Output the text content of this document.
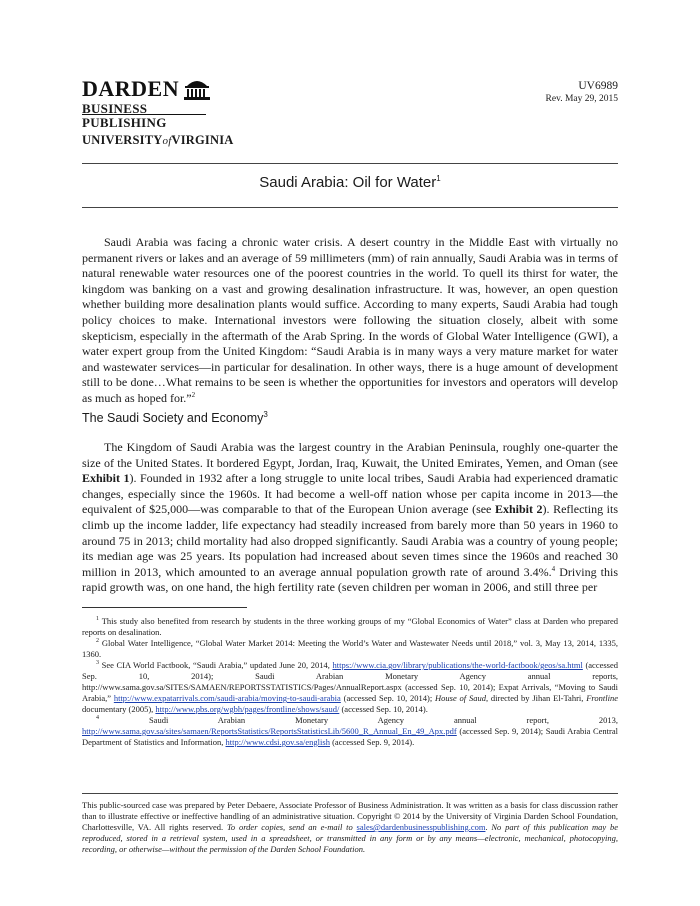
DARDEN
BUSINESS PUBLISHING
UNIVERSITYofVIRGINIA
UV6989
Rev. May 29, 2015
Saudi Arabia: Oil for Water$^1$

Saudi Arabia was facing a chronic water crisis. A desert country in the Middle East with virtually no permanent rivers or lakes and an average of 59 millimeters (mm) of rain annually, Saudi Arabia was in terms of natural renewable water resources one of the poorest countries in the world. To quell its thirst for water, the kingdom was banking on a vast and growing desalination infrastructure. It was, however, an open question whether building more desalination plants would suffice. According to many experts, Saudi Arabia had tough policy choices to make. International investors were following the situation closely, albeit with some skepticism, especially in the aftermath of the Arab Spring. In the words of Global Water Intelligence (GWI), a water expert group from the United Kingdom: “Saudi Arabia is in many ways a very mature market for water and wastewater services—in particular for desalination. In other ways, there is a huge amount of development still to be done…What remains to be seen is whether the opportunities for investors and operators will develop as much as hoped for.”$^2$

The Saudi Society and Economy$^3$

The Kingdom of Saudi Arabia was the largest country in the Arabian Peninsula, roughly one-quarter the size of the United States. It bordered Egypt, Jordan, Iraq, Kuwait, the United Emirates, Yemen, and Oman (see Exhibit 1). Founded in 1932 after a long struggle to unite local tribes, Saudi Arabia had experienced dramatic changes, especially since the 1960s. It had become a well-off nation whose per capita income in 2013—the equivalent of $25,000—was comparable to that of the European Union average (see Exhibit 2). Reflecting its climb up the income ladder, life expectancy had steadily increased from barely more than 50 years in 1960 to around 75 in 2013; child mortality had also dropped significantly. Saudi Arabia was a country of young people; its median age was 25 years. Its population had increased about seven times since the 1960s and reached 30 million in 2013, which amounted to an average annual population growth rate of around 3.4%.$^4$ Driving this rapid growth was, on one hand, the high fertility rate (seven children per woman in 2006, and still three per

$^1$ This study also benefited from research by students in the three working groups of my “Global Economics of Water” class at Darden who prepared reports on desalination.

$^2$ Global Water Intelligence, “Global Water Market 2014: Meeting the World’s Water and Wastewater Needs until 2018,” vol. 3, May 13, 2014, 1335, 1360.

$^3$ See CIA World Factbook, “Saudi Arabia,” updated June 20, 2014, https://www.cia.gov/library/publications/the-world-factbook/geos/sa.html (accessed Sep. 10, 2014); Saudi Arabian Monetary Agency annual reports, http://www.sama.gov.sa/SITES/SAMAEN/REPORTSSTATISTICS/Pages/AnnualReport.aspx (accessed Sep. 10, 2014); Expat Arrivals, “Moving to Saudi Arabia,” http://www.expatarrivals.com/saudi-arabia/moving-to-saudi-arabia (accessed Sep. 10, 2014); House of Saud, directed by Jihan El-Tahri, Frontline documentary (2005), http://www.pbs.org/wgbh/pages/frontline/shows/saud/ (accessed Sep. 10, 2014).

$^4$	Saudi Arabian Monetary Agency annual report, 2013, http://www.sama.gov.sa/sites/samaen/ReportsStatistics/ReportsStatisticsLib/5600_R_Annual_En_49_Apx.pdf (accessed Sep. 9, 2014); Saudi Arabia Central Department of Statistics and Information, http://www.cdsi.gov.sa/english (accessed Sep. 9, 2014).

This public-sourced case was prepared by Peter Debaere, Associate Professor of Business Administration. It was written as a basis for class discussion rather than to illustrate effective or ineffective handling of an administrative situation. Copyright © 2014 by the University of Virginia Darden School Foundation, Charlottesville, VA. All rights reserved. To order copies, send an e-mail to sales@dardenbusinesspublishing.com. No part of this publication may be reproduced, stored in a retrieval system, used in a spreadsheet, or transmitted in any form or by any means—electronic, mechanical, photocopying, recording, or otherwise—without the permission of the Darden School Foundation.
